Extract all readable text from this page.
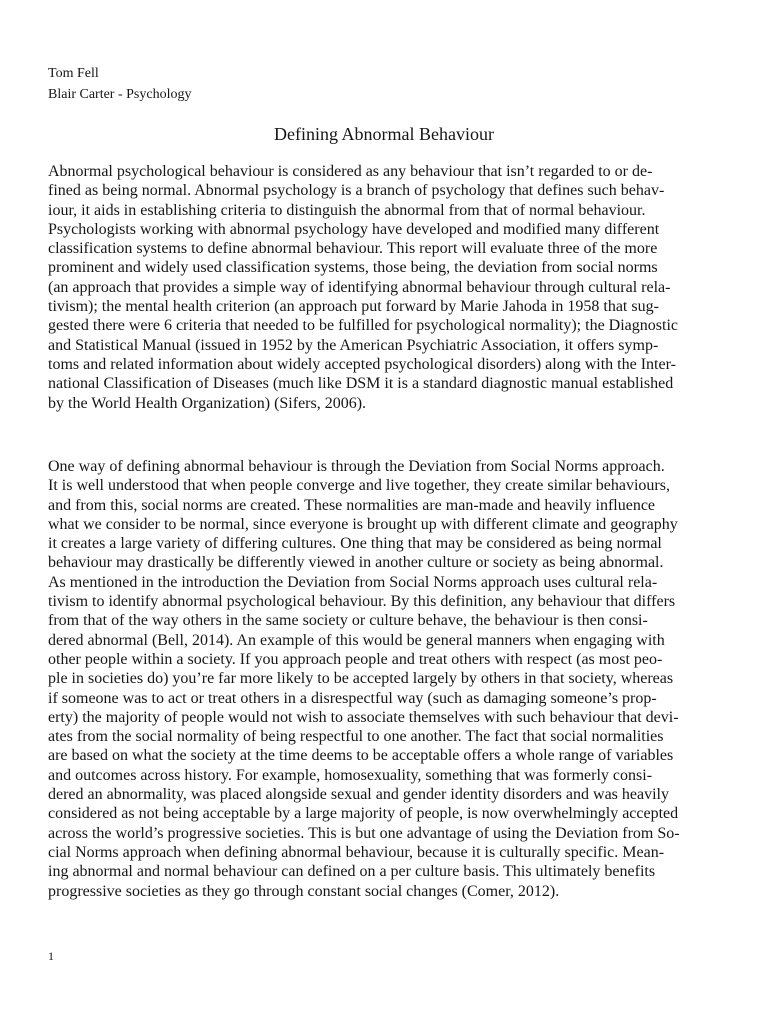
Tom Fell
Blair Carter - Psychology
Defining Abnormal Behaviour
Abnormal psychological behaviour is considered as any behaviour that isn’t regarded to or de-
fined as being normal. Abnormal psychology is a branch of psychology that defines such behav-
iour, it aids in establishing criteria to distinguish the abnormal from that of normal behaviour.
Psychologists working with abnormal psychology have developed and modified many different
classification systems to define abnormal behaviour. This report will evaluate three of the more
prominent and widely used classification systems, those being, the deviation from social norms
(an approach that provides a simple way of identifying abnormal behaviour through cultural rela-
tivism); the mental health criterion (an approach put forward by Marie Jahoda in 1958 that sug-
gested there were 6 criteria that needed to be fulfilled for psychological normality); the Diagnostic
and Statistical Manual (issued in 1952 by the American Psychiatric Association, it offers symp-
toms and related information about widely accepted psychological disorders) along with the Inter-
national Classification of Diseases (much like DSM it is a standard diagnostic manual established
by the World Health Organization) (Sifers, 2006).
One way of defining abnormal behaviour is through the Deviation from Social Norms approach.
It is well understood that when people converge and live together, they create similar behaviours,
and from this, social norms are created. These normalities are man-made and heavily influence
what we consider to be normal, since everyone is brought up with different climate and geography
it creates a large variety of differing cultures. One thing that may be considered as being normal
behaviour may drastically be differently viewed in another culture or society as being abnormal.
As mentioned in the introduction the Deviation from Social Norms approach uses cultural rela-
tivism to identify abnormal psychological behaviour. By this definition, any behaviour that differs
from that of the way others in the same society or culture behave, the behaviour is then consi-
dered abnormal (Bell, 2014). An example of this would be general manners when engaging with
other people within a society. If you approach people and treat others with respect (as most peo-
ple in societies do) you’re far more likely to be accepted largely by others in that society, whereas
if someone was to act or treat others in a disrespectful way (such as damaging someone’s prop-
erty) the majority of people would not wish to associate themselves with such behaviour that devi-
ates from the social normality of being respectful to one another. The fact that social normalities
are based on what the society at the time deems to be acceptable offers a whole range of variables
and outcomes across history. For example, homosexuality, something that was formerly consi-
dered an abnormality, was placed alongside sexual and gender identity disorders and was heavily
considered as not being acceptable by a large majority of people, is now overwhelmingly accepted
across the world’s progressive societies. This is but one advantage of using the Deviation from So-
cial Norms approach when defining abnormal behaviour, because it is culturally specific. Mean-
ing abnormal and normal behaviour can defined on a per culture basis. This ultimately benefits
progressive societies as they go through constant social changes (Comer, 2012).
1
